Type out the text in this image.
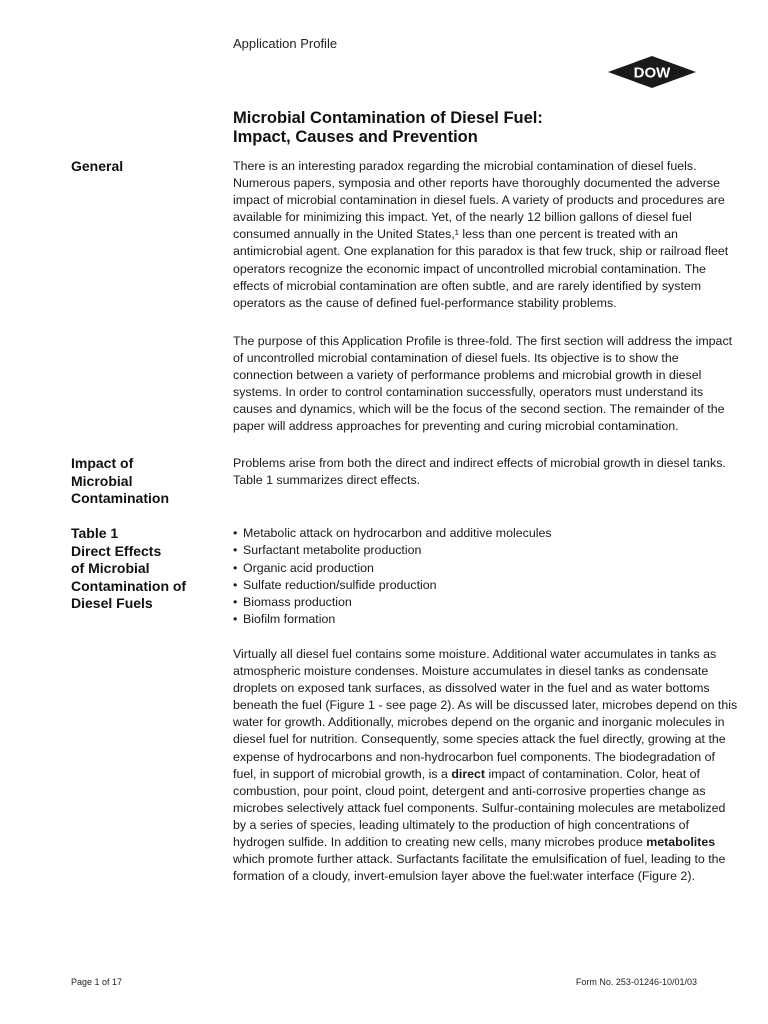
Application Profile
DOW
Microbial Contamination of Diesel Fuel:
Impact, Causes and Prevention
General	There is an interesting paradox regarding the microbial contamination of diesel fuels.
Numerous papers, symposia and other reports have thoroughly documented the adverse
impact of microbial contamination in diesel fuels. A variety of products and procedures are
available for minimizing this impact. Yet, of the nearly 12 billion gallons of diesel fuel
consumed annually in the United States,¹ less than one percent is treated with an
antimicrobial agent. One explanation for this paradox is that few truck, ship or railroad fleet
operators recognize the economic impact of uncontrolled microbial contamination. The
effects of microbial contamination are often subtle, and are rarely identified by system
operators as the cause of defined fuel-performance stability problems.
The purpose of this Application Profile is three-fold. The first section will address the impact
of uncontrolled microbial contamination of diesel fuels. Its objective is to show the
connection between a variety of performance problems and microbial growth in diesel
systems. In order to control contamination successfully, operators must understand its
causes and dynamics, which will be the focus of the second section. The remainder of the
paper will address approaches for preventing and curing microbial contamination.
Impact of
Microbial
Contamination
Problems arise from both the direct and indirect effects of microbial growth in diesel tanks.
Table 1 summarizes direct effects.
Table 1
Direct Effects
of Microbial
Contamination of
Diesel Fuels
• Metabolic attack on hydrocarbon and additive molecules
• Surfactant metabolite production
• Organic acid production
• Sulfate reduction/sulfide production
• Biomass production
• Biofilm formation
Virtually all diesel fuel contains some moisture. Additional water accumulates in tanks as
atmospheric moisture condenses. Moisture accumulates in diesel tanks as condensate
droplets on exposed tank surfaces, as dissolved water in the fuel and as water bottoms
beneath the fuel (Figure 1 - see page 2). As will be discussed later, microbes depend on this
water for growth. Additionally, microbes depend on the organic and inorganic molecules in
diesel fuel for nutrition. Consequently, some species attack the fuel directly, growing at the
expense of hydrocarbons and non-hydrocarbon fuel components. The biodegradation of
fuel, in support of microbial growth, is a direct impact of contamination. Color, heat of
combustion, pour point, cloud point, detergent and anti-corrosive properties change as
microbes selectively attack fuel components. Sulfur-containing molecules are metabolized
by a series of species, leading ultimately to the production of high concentrations of
hydrogen sulfide. In addition to creating new cells, many microbes produce metabolites
which promote further attack. Surfactants facilitate the emulsification of fuel, leading to the
formation of a cloudy, invert-emulsion layer above the fuel:water interface (Figure 2).
Page 1 of 17	Form No. 253-01246-10/01/03
